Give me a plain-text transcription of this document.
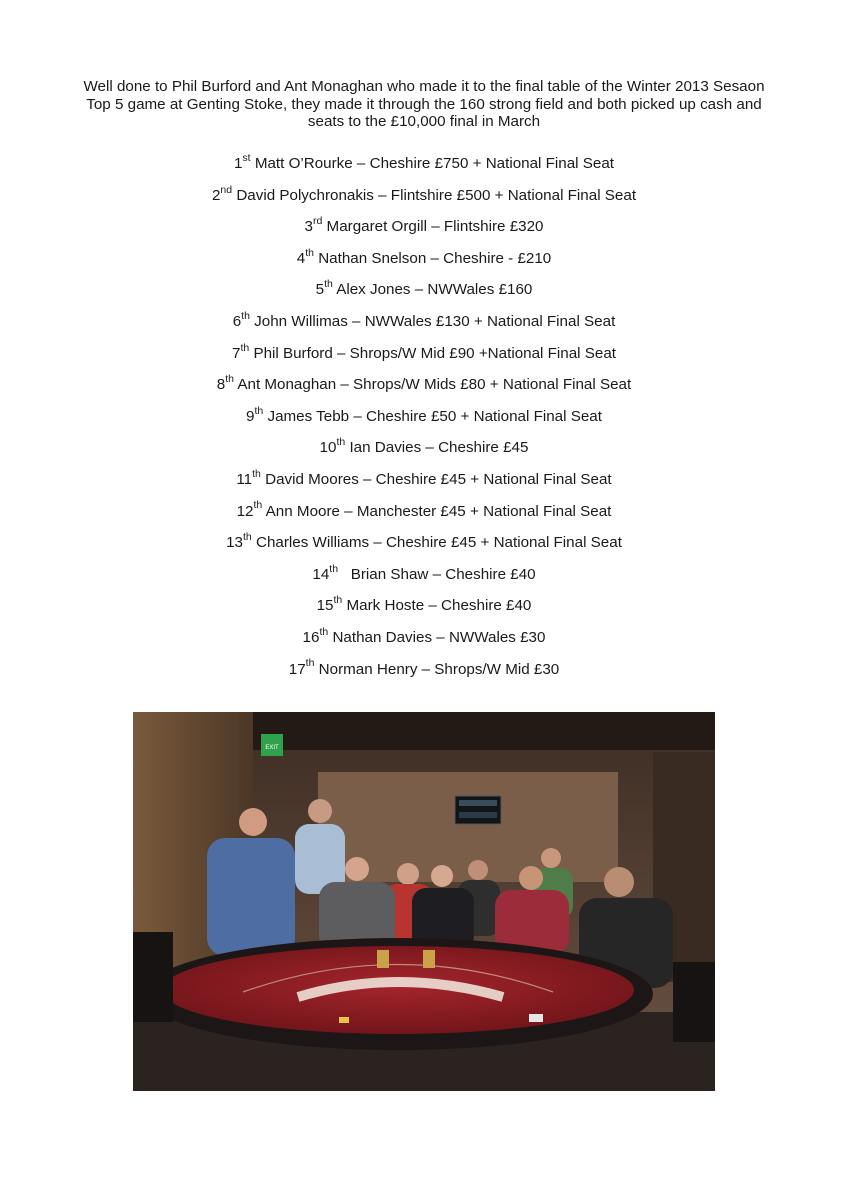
Well done to Phil Burford and Ant Monaghan who made it to the final table of the Winter 2013 Sesaon Top 5 game at Genting Stoke, they made it through the 160 strong field and both picked up cash and seats to the £10,000 final in March

1st Matt O’Rourke – Cheshire £750 + National Final Seat
2nd David Polychronakis – Flintshire £500 + National Final Seat
3rd Margaret Orgill – Flintshire £320
4th Nathan Snelson – Cheshire - £210
5th Alex Jones – NWWales £160
6th John Willimas – NWWales £130 + National Final Seat
7th Phil Burford – Shrops/W Mid £90 +National Final Seat
8th Ant Monaghan – Shrops/W Mids £80 + National Final Seat
9th James Tebb – Cheshire £50 + National Final Seat
10th Ian Davies – Cheshire £45
11th David Moores – Cheshire £45 + National Final Seat
12th Ann Moore – Manchester £45 + National Final Seat
13th Charles Williams – Cheshire £45 + National Final Seat
14th   Brian Shaw – Cheshire £40
15th Mark Hoste – Cheshire £40
16th Nathan Davies – NWWales £30
17th Norman Henry – Shrops/W Mid £30
EXIT
